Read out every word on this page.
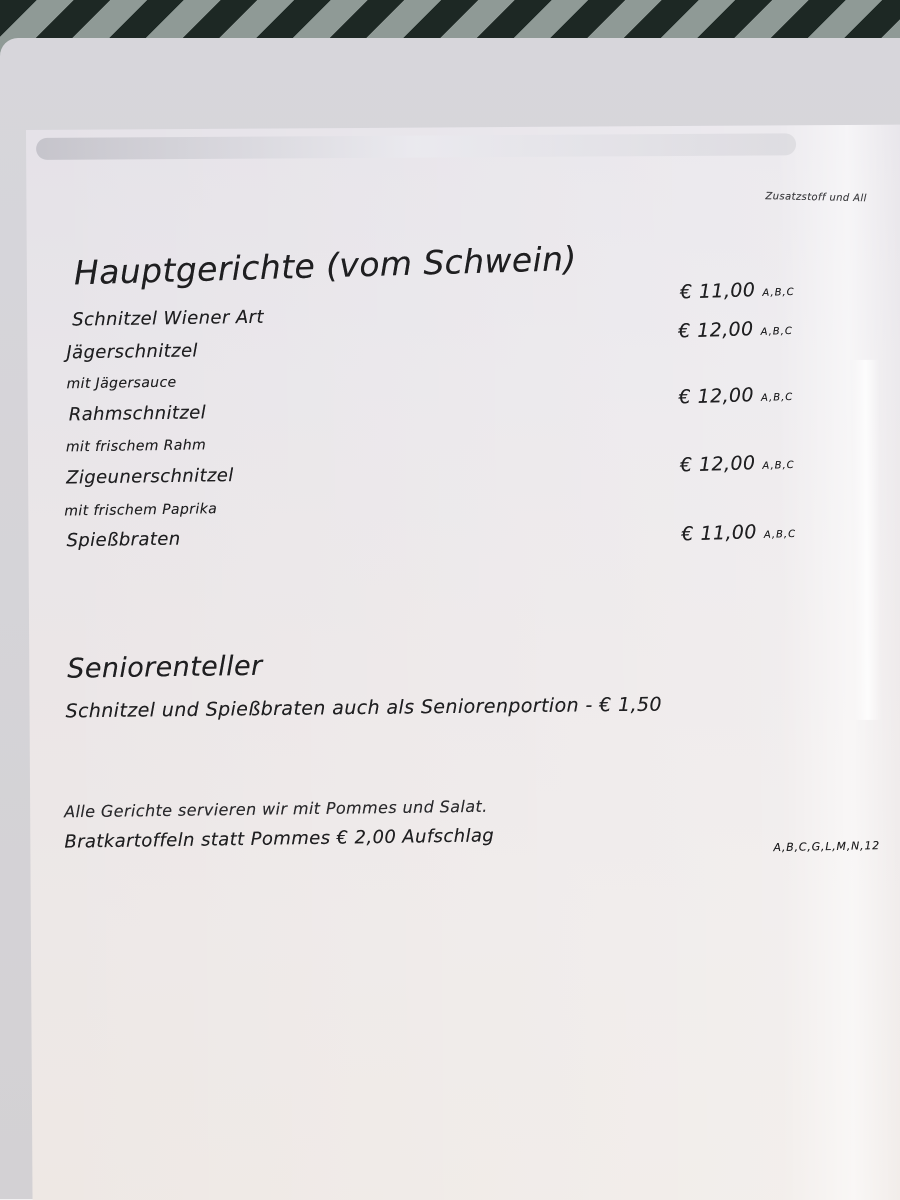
Zusatzstoff und All
Hauptgerichte (vom Schwein)
Schnitzel Wiener Art
€ 11,00 A,B,C
Jägerschnitzel
mit Jägersauce
€ 12,00 A,B,C
Rahmschnitzel
mit frischem Rahm
€ 12,00 A,B,C
Zigeunerschnitzel
mit frischem Paprika
€ 12,00 A,B,C
Spießbraten	€ 11,00 A,B,C
Seniorenteller
Schnitzel und Spießbraten auch als Seniorenportion - € 1,50
Alle Gerichte servieren wir mit Pommes und Salat.
Bratkartoffeln statt Pommes € 2,00 Aufschlag	A,B,C,G,L,M,N,12
